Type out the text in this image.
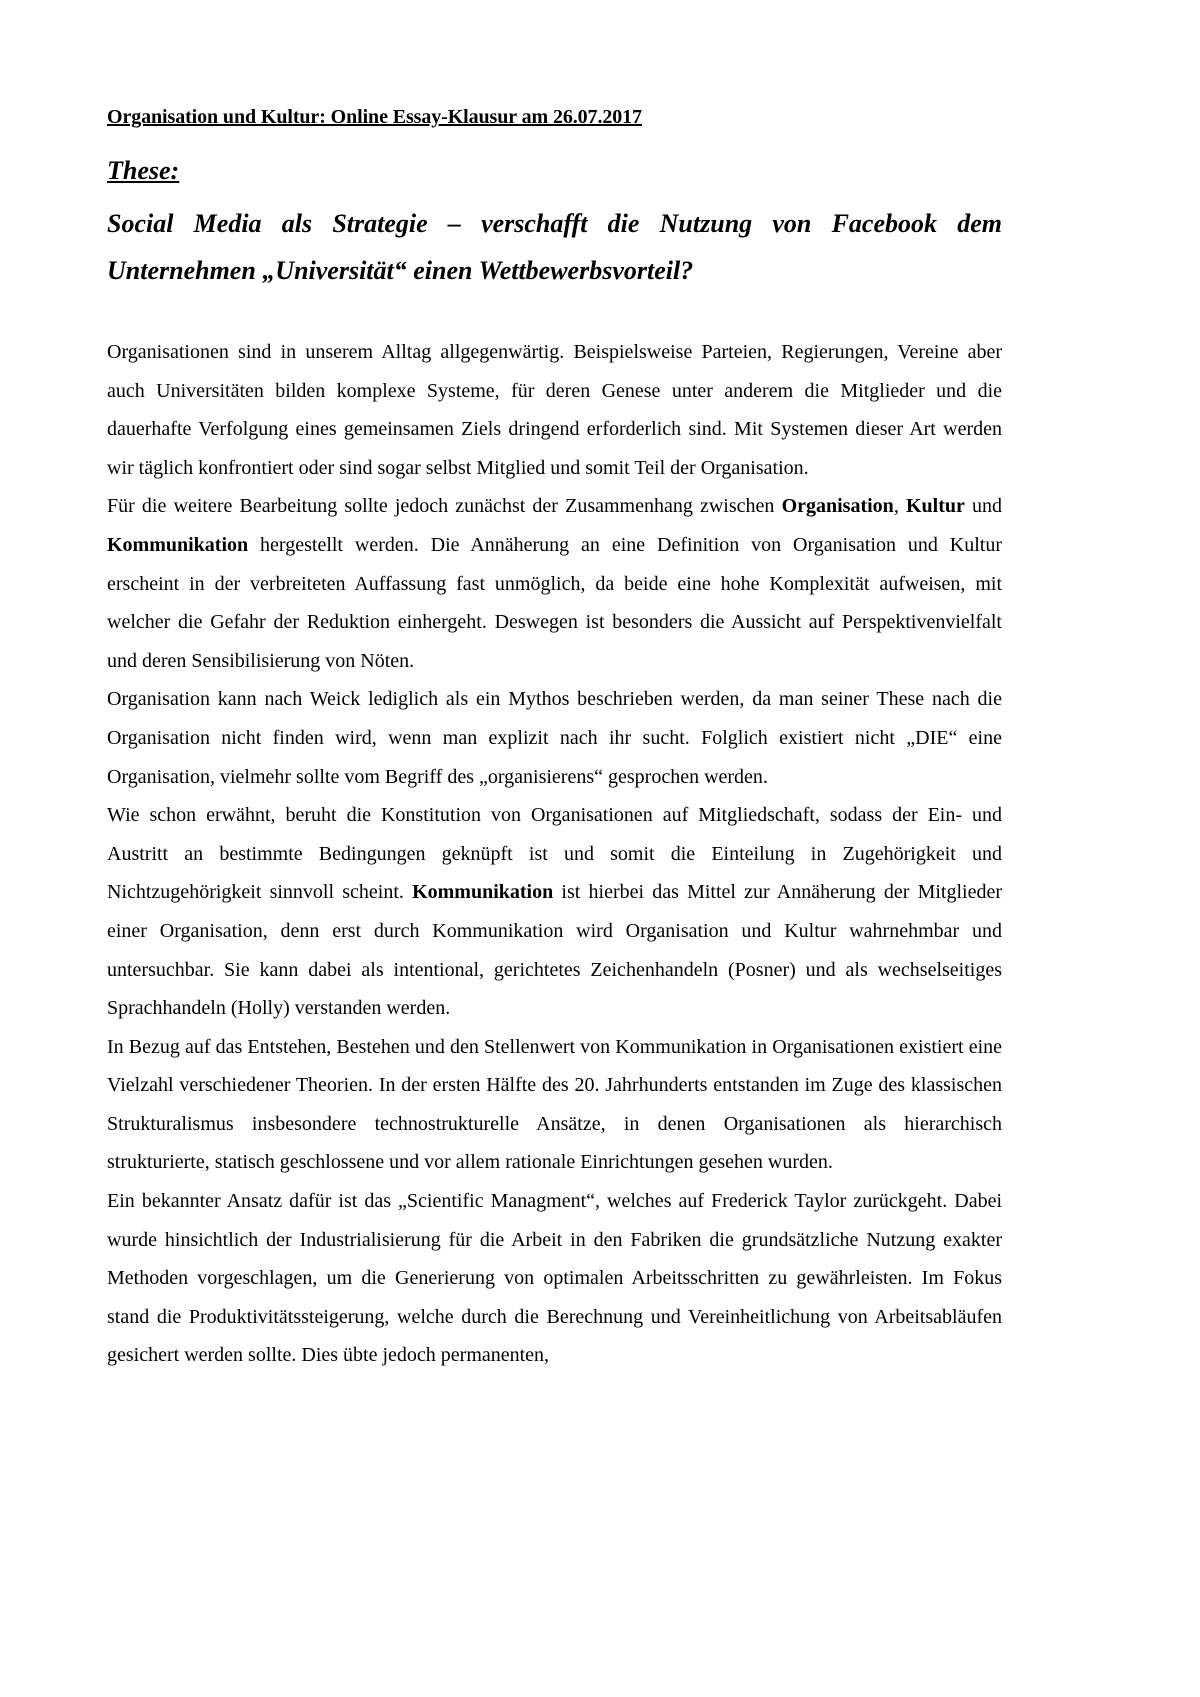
Organisation und Kultur: Online Essay-Klausur am 26.07.2017
These:
Social Media als Strategie – verschafft die Nutzung von Facebook dem
Unternehmen „Universität“ einen Wettbewerbsvorteil?

Organisationen sind in unserem Alltag allgegenwärtig. Beispielsweise Parteien, Regierungen, Vereine aber auch Universitäten bilden komplexe Systeme, für deren Genese unter anderem die Mitglieder und die dauerhafte Verfolgung eines gemeinsamen Ziels dringend erforderlich sind. Mit Systemen dieser Art werden wir täglich konfrontiert oder sind sogar selbst Mitglied und somit Teil der Organisation.

Für die weitere Bearbeitung sollte jedoch zunächst der Zusammenhang zwischen Organisation, Kultur und Kommunikation hergestellt werden. Die Annäherung an eine Definition von Organisation und Kultur erscheint in der verbreiteten Auffassung fast unmöglich, da beide eine hohe Komplexität aufweisen, mit welcher die Gefahr der Reduktion einhergeht. Deswegen ist besonders die Aussicht auf Perspektivenvielfalt und deren Sensibilisierung von Nöten.

Organisation kann nach Weick lediglich als ein Mythos beschrieben werden, da man seiner These nach die Organisation nicht finden wird, wenn man explizit nach ihr sucht. Folglich existiert nicht „DIE“ eine Organisation, vielmehr sollte vom Begriff des „organisierens“ gesprochen werden.

Wie schon erwähnt, beruht die Konstitution von Organisationen auf Mitgliedschaft, sodass der Ein- und Austritt an bestimmte Bedingungen geknüpft ist und somit die Einteilung in Zugehörigkeit und Nichtzugehörigkeit sinnvoll scheint. Kommunikation ist hierbei das Mittel zur Annäherung der Mitglieder einer Organisation, denn erst durch Kommunikation wird Organisation und Kultur wahrnehmbar und untersuchbar. Sie kann dabei als intentional, gerichtetes Zeichenhandeln (Posner) und als wechselseitiges Sprachhandeln (Holly) verstanden werden.

In Bezug auf das Entstehen, Bestehen und den Stellenwert von Kommunikation in Organisationen existiert eine Vielzahl verschiedener Theorien. In der ersten Hälfte des 20. Jahrhunderts entstanden im Zuge des klassischen Strukturalismus insbesondere technostrukturelle Ansätze, in denen Organisationen als hierarchisch strukturierte, statisch geschlossene und vor allem rationale Einrichtungen gesehen wurden.

Ein bekannter Ansatz dafür ist das „Scientific Managment“, welches auf Frederick Taylor zurückgeht. Dabei wurde hinsichtlich der Industrialisierung für die Arbeit in den Fabriken die grundsätzliche Nutzung exakter Methoden vorgeschlagen, um die Generierung von optimalen Arbeitsschritten zu gewährleisten. Im Fokus stand die Produktivitätssteigerung, welche durch die Berechnung und Vereinheitlichung von Arbeitsabläufen gesichert werden sollte. Dies übte jedoch permanenten,
